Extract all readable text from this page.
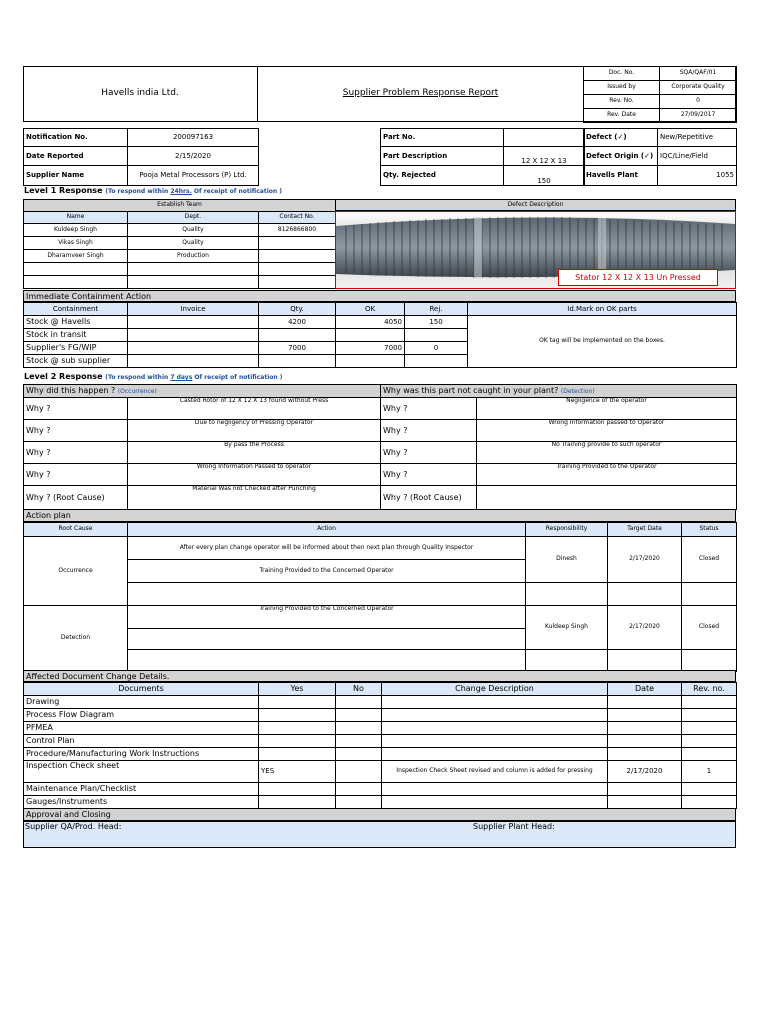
Havells india Ltd.	Supplier Problem Response Report
Doc. No.	SQA/QAF/01
Issued by	Corporate Quality
Rev. No.	0
Rev. Date	27/09/2017
Notification No.	200097163
Date Reported	2/15/2020
Supplier Name	Pooja Metal Processors (P) Ltd.
Part No.	
Part Description	12 X 12 X 13
Qty. Rejected	150
Defect (✓)	New/Repetitive
Defect Origin (✓)	IQC/Line/Field
Havells Plant	1055
Level 1 Response (To respond within 24hrs. Of receipt of notification )
Establish Team		
Name	Dept.	Contact No.
Kuldeep Singh	Quality	8126866800
Vikas Singh	Quality	
Dharamveer Singh	Production	

Defect Description
Stator 12 X 12 X 13 Un Pressed
Immediate Containment Action
Containment	Invoice	Qty.	OK	Rej.	Id.Mark on OK parts
Stock @ Havells		4200	4050	150	OK tag will be implemented on the boxes.
Stock in transit					
Supplier's FG/WIP		7000	7000	0	
Stock @ sub supplier					
Level 2 Response (To respond within 7 days Of receipt of notification )
Why did this happen ? (Occurrence)		Why was this part not caught in your plant? (Detection)	
Why ?	Casted Rotor of 12 X 12 X 13 found without Press	Why ?	Negligence of the operator
Why ?	Due to negligency of Pressing Operator	Why ?	Wrong Information passed to Operator
Why ?	By pass the Process	Why ?	No Training provide to such operator
Why ?	Wrong Information Passed to operator	Why ?	Training Provided to the Operator
Why ? (Root Cause)	Material Was not Checked after Punching	Why ? (Root Cause)	
Action plan
Root Cause	Action	Responsibility	Target Date	Status
Occurrence	After every plan change operator will be informed about then next plan through Quality Inspector	Dinesh	2/17/2020	Closed
	Training Provided to the Concerned Operator			

Detection	Training Provided to the Concerned Operator	Kuldeep Singh	2/17/2020	Closed

Affected Document Change Details.
Documents	Yes	No	Change Description	Date	Rev. no.
Drawing					
Process Flow Diagram					
PFMEA					
Control Plan					
Procedure/Manufacturing Work Instructions					
Inspection Check sheet	YES		Inspection Check Sheet revised and column is added for pressing	2/17/2020	1
Maintenance Plan/Checklist					
Gauges/Instruments					
Approval and Closing
Supplier QA/Prod. Head:	Supplier Plant Head:
